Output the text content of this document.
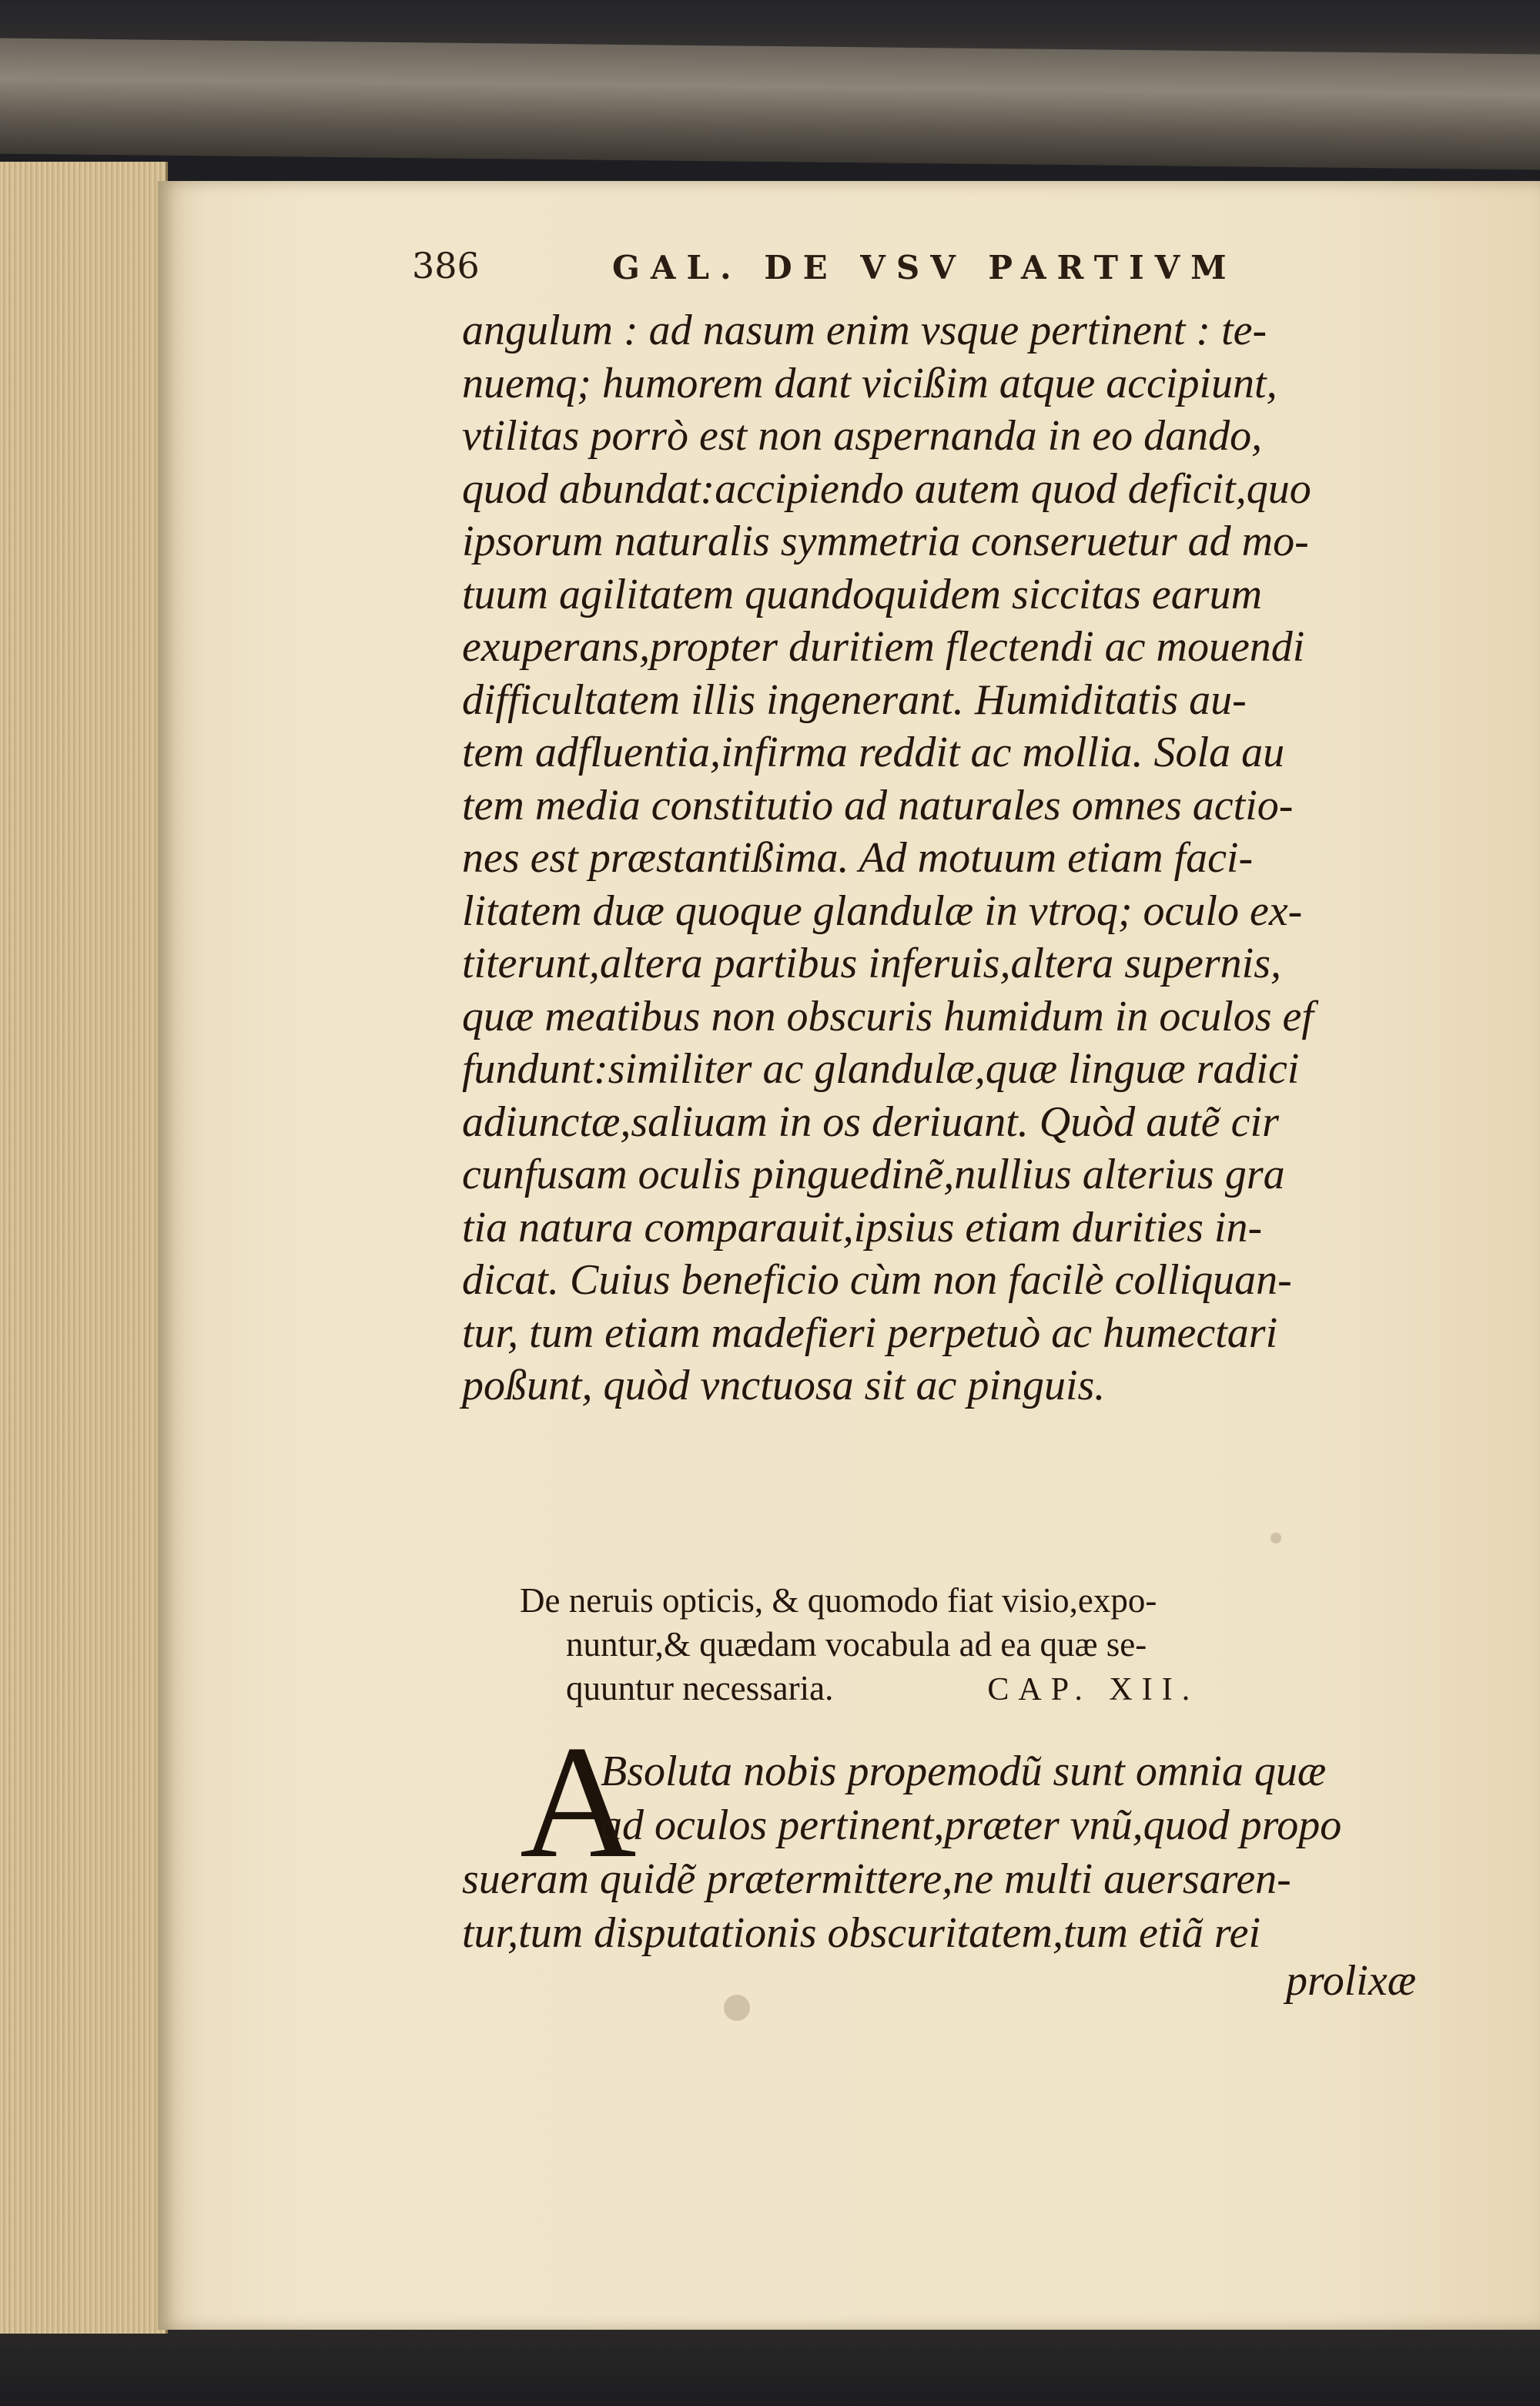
386	GAL. DE VSV PARTIVM
angulum : ad nasum enim vsque pertinent : te-
nuemq; humorem dant vicißim atque accipiunt,
vtilitas porrò est non aspernanda in eo dando,
quod abundat:accipiendo autem quod deficit,quo
ipsorum naturalis symmetria conseruetur ad mo-
tuum agilitatem quandoquidem siccitas earum
exuperans,propter duritiem flectendi ac mouendi
difficultatem illis ingenerant. Humiditatis au-
tem adfluentia,infirma reddit ac mollia. Sola au
tem media constitutio ad naturales omnes actio-
nes est præstantißima. Ad motuum etiam faci-
litatem duæ quoque glandulæ in vtroq; oculo ex-
titerunt,altera partibus inferuis,altera supernis,
quæ meatibus non obscuris humidum in oculos ef
fundunt:similiter ac glandulæ,quæ linguæ radici
adiunctæ,saliuam in os deriuant. Quòd autẽ cir
cunfusam oculis pinguedinẽ,nullius alterius gra
tia natura comparauit,ipsius etiam durities in-
dicat. Cuius beneficio cùm non facilè colliquan-
tur, tum etiam madefieri perpetuò ac humectari
poßunt, quòd vnctuosa sit ac pinguis.
De neruis opticis, & quomodo fiat visio,expo-
nuntur,& quædam vocabula ad ea quæ se-
quuntur necessaria.	CAP. XII.
A
Bsoluta nobis propemodũ sunt omnia quæ
ad oculos pertinent,præter vnũ,quod propo
sueram quidẽ prætermittere,ne multi auersaren-
tur,tum disputationis obscuritatem,tum etiã rei
prolixæ
